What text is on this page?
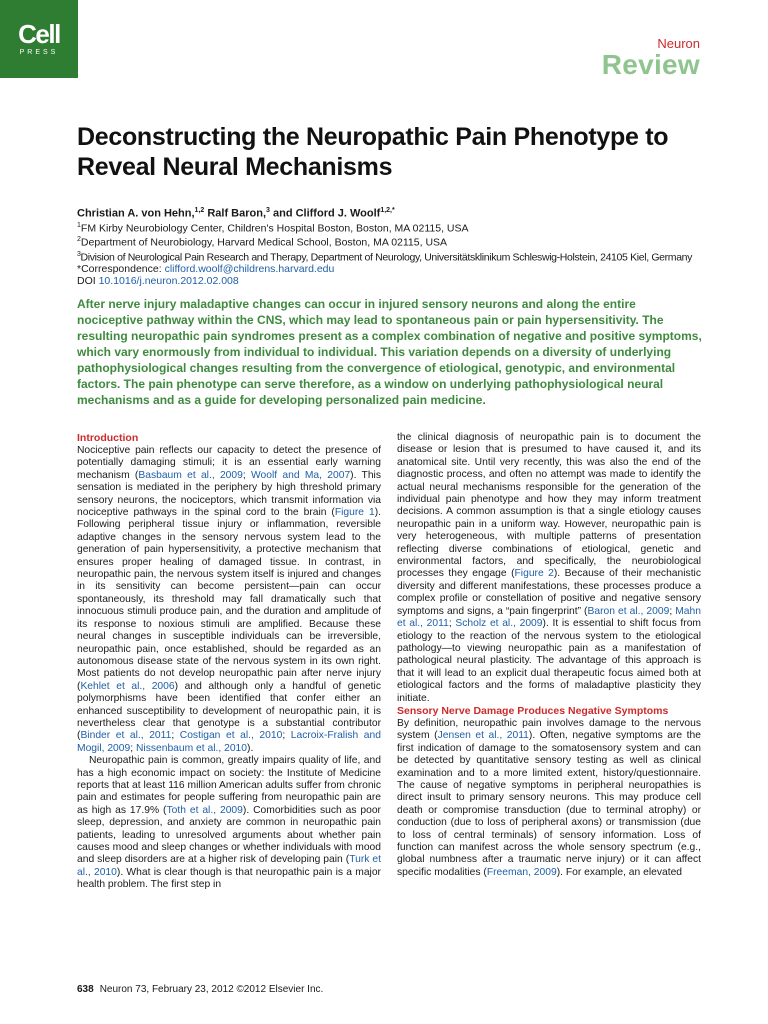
Cell
PRESS
Neuron
Review
Deconstructing the Neuropathic Pain Phenotype to Reveal Neural Mechanisms
Christian A. von Hehn,$^{1,2}$ Ralf Baron,$^3$ and Clifford J. Woolf$^{1,2,*}$
$^1$FM Kirby Neurobiology Center, Children's Hospital Boston, Boston, MA 02115, USA
$^2$Department of Neurobiology, Harvard Medical School, Boston, MA 02115, USA
$^3$Division of Neurological Pain Research and Therapy, Department of Neurology, Universitätsklinikum Schleswig-Holstein, 24105 Kiel, Germany
*Correspondence: clifford.woolf@childrens.harvard.edu
DOI 10.1016/j.neuron.2012.02.008

After nerve injury maladaptive changes can occur in injured sensory neurons and along the entire nociceptive pathway within the CNS, which may lead to spontaneous pain or pain hypersensitivity. The resulting neuropathic pain syndromes present as a complex combination of negative and positive symptoms, which vary enormously from individual to individual. This variation depends on a diversity of underlying pathophysiological changes resulting from the convergence of etiological, genotypic, and environmental factors. The pain phenotype can serve therefore, as a window on underlying pathophysiological neural mechanisms and as a guide for developing personalized pain medicine.

Introduction

Nociceptive pain reflects our capacity to detect the presence of potentially damaging stimuli; it is an essential early warning mechanism (Basbaum et al., 2009; Woolf and Ma, 2007). This sensation is mediated in the periphery by high threshold primary sensory neurons, the nociceptors, which transmit information via nociceptive pathways in the spinal cord to the brain (Figure 1). Following peripheral tissue injury or inflammation, reversible adaptive changes in the sensory nervous system lead to the generation of pain hypersensitivity, a protective mechanism that ensures proper healing of damaged tissue. In contrast, in neuropathic pain, the nervous system itself is injured and changes in its sensitivity can become persistent—pain can occur spontaneously, its threshold may fall dramatically such that innocuous stimuli produce pain, and the duration and amplitude of its response to noxious stimuli are amplified. Because these neural changes in susceptible individuals can be irreversible, neuropathic pain, once established, should be regarded as an autonomous disease state of the nervous system in its own right. Most patients do not develop neuropathic pain after nerve injury (Kehlet et al., 2006) and although only a handful of genetic polymorphisms have been identified that confer either an enhanced susceptibility to development of neuropathic pain, it is nevertheless clear that genotype is a substantial contributor (Binder et al., 2011; Costigan et al., 2010; Lacroix-Fralish and Mogil, 2009; Nissenbaum et al., 2010).

Neuropathic pain is common, greatly impairs quality of life, and has a high economic impact on society: the Institute of Medicine reports that at least 116 million American adults suffer from chronic pain and estimates for people suffering from neuropathic pain are as high as 17.9% (Toth et al., 2009). Comorbidities such as poor sleep, depression, and anxiety are common in neuropathic pain patients, leading to unresolved arguments about whether pain causes mood and sleep changes or whether individuals with mood and sleep disorders are at a higher risk of developing pain (Turk et al., 2010). What is clear though is that neuropathic pain is a major health problem. The first step in

the clinical diagnosis of neuropathic pain is to document the disease or lesion that is presumed to have caused it, and its anatomical site. Until very recently, this was also the end of the diagnostic process, and often no attempt was made to identify the actual neural mechanisms responsible for the generation of the individual pain phenotype and how they may inform treatment decisions. A common assumption is that a single etiology causes neuropathic pain in a uniform way. However, neuropathic pain is very heterogeneous, with multiple patterns of presentation reflecting diverse combinations of etiological, genetic and environmental factors, and specifically, the neurobiological processes they engage (Figure 2). Because of their mechanistic diversity and different manifestations, these processes produce a complex profile or constellation of positive and negative sensory symptoms and signs, a “pain fingerprint” (Baron et al., 2009; Mahn et al., 2011; Scholz et al., 2009). It is essential to shift focus from etiology to the reaction of the nervous system to the etiological pathology—to viewing neuropathic pain as a manifestation of pathological neural plasticity. The advantage of this approach is that it will lead to an explicit dual therapeutic focus aimed both at etiological factors and the forms of maladaptive plasticity they initiate.

Sensory Nerve Damage Produces Negative Symptoms

By definition, neuropathic pain involves damage to the nervous system (Jensen et al., 2011). Often, negative symptoms are the first indication of damage to the somatosensory system and can be detected by quantitative sensory testing as well as clinical examination and to a more limited extent, history/questionnaire. The cause of negative symptoms in peripheral neuropathies is direct insult to primary sensory neurons. This may produce cell death or compromise transduction (due to terminal atrophy) or conduction (due to loss of peripheral axons) or transmission (due to loss of central terminals) of sensory information. Loss of function can manifest across the whole sensory spectrum (e.g., global numbness after a traumatic nerve injury) or it can affect specific modalities (Freeman, 2009). For example, an elevated

638 Neuron 73, February 23, 2012 ©2012 Elsevier Inc.
